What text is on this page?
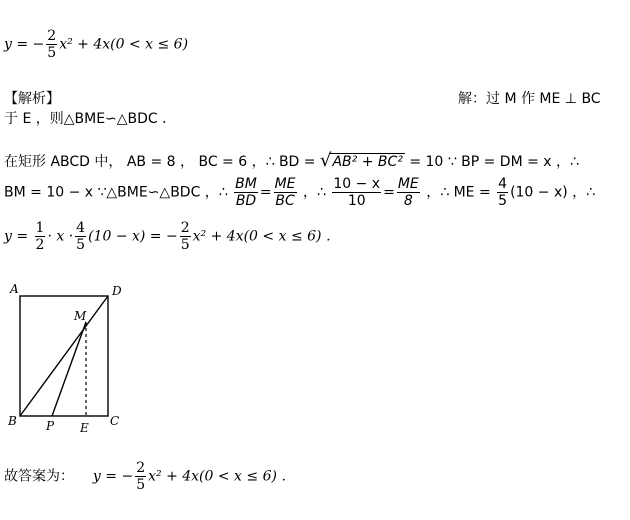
y = − $\frac{2}{5} x^2 + 4x(0 < x \le 6)$
【解析】	解：过 M 作 ME ⊥ BC
于 E ，则△BME∽△BDC ．
在矩形 ABCD 中， AB = 8 ， BC = 6 ，∴ BD = √AB² + BC² = 10 ∵ BP = DM = x ，∴
BM = 10 − x ∵△BME∽△BDC ，∴ $\frac{BM}{BD} = \frac{ME}{BC}$ ，∴ $\frac{10 - x}{10} = \frac{ME}{8}$ ，∴ ME = $\frac{4}{5} (10 - x)$ ，∴
$y = \frac{1}{2} \cdot x \cdot \frac{4}{5} (10 - x)$ = − $\frac{2}{5} x^2 + 4x(0 < x \le 6)$ ．
A	D
M
B P E C
故答案为： y = − $\frac{2}{5} x^2 + 4x(0 < x \le 6)$ ．
